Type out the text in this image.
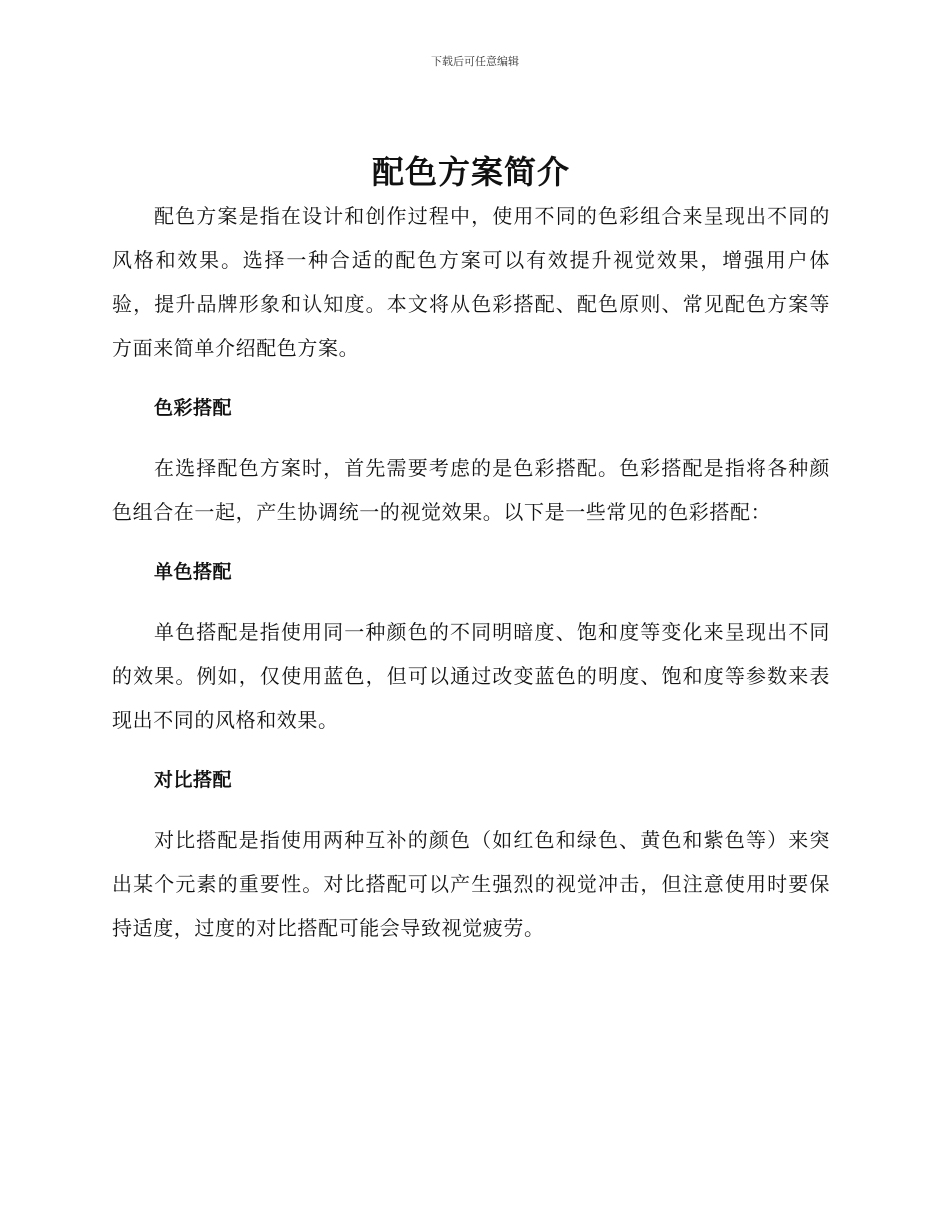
下载后可任意编辑
配色方案简介

配色方案是指在设计和创作过程中，使用不同的色彩组合来呈现出不同的风格和效果。选择一种合适的配色方案可以有效提升视觉效果，增强用户体验，提升品牌形象和认知度。本文将从色彩搭配、配色原则、常见配色方案等方面来简单介绍配色方案。

色彩搭配

在选择配色方案时，首先需要考虑的是色彩搭配。色彩搭配是指将各种颜色组合在一起，产生协调统一的视觉效果。以下是一些常见的色彩搭配：

单色搭配

单色搭配是指使用同一种颜色的不同明暗度、饱和度等变化来呈现出不同的效果。例如，仅使用蓝色，但可以通过改变蓝色的明度、饱和度等参数来表现出不同的风格和效果。

对比搭配

对比搭配是指使用两种互补的颜色（如红色和绿色、黄色和紫色等）来突出某个元素的重要性。对比搭配可以产生强烈的视觉冲击，但注意使用时要保持适度，过度的对比搭配可能会导致视觉疲劳。
